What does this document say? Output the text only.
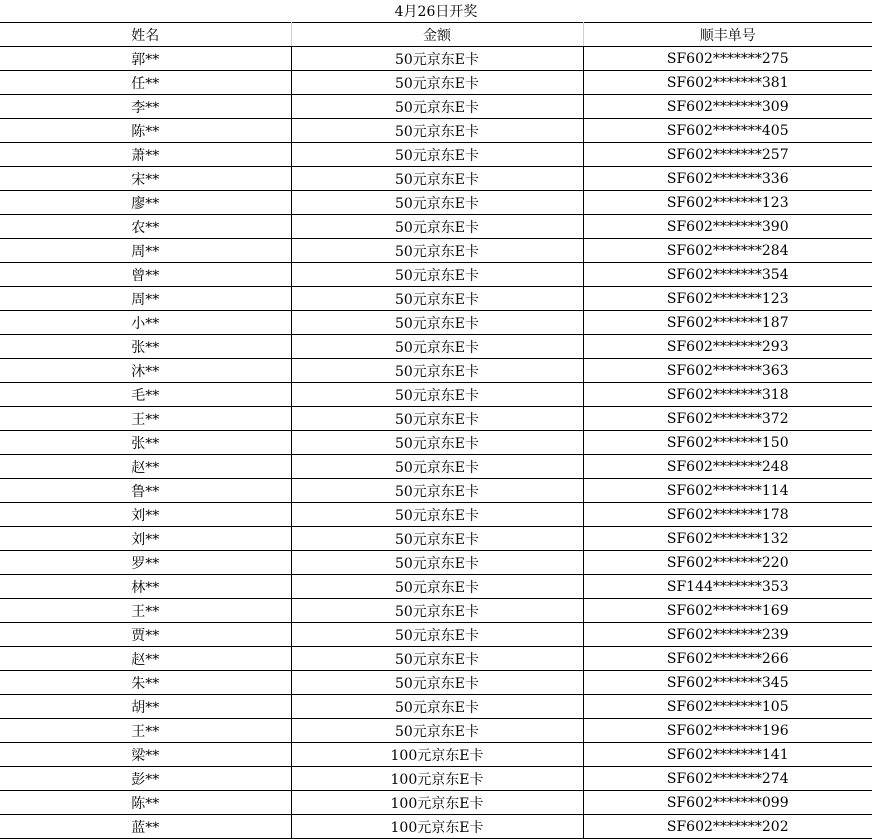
4月26日开奖
姓名	金额	顺丰单号
郭**	50元京东E卡	SF602*******275
任**	50元京东E卡	SF602*******381
李**	50元京东E卡	SF602*******309
陈**	50元京东E卡	SF602*******405
萧**	50元京东E卡	SF602*******257
宋**	50元京东E卡	SF602*******336
廖**	50元京东E卡	SF602*******123
农**	50元京东E卡	SF602*******390
周**	50元京东E卡	SF602*******284
曾**	50元京东E卡	SF602*******354
周**	50元京东E卡	SF602*******123
小**	50元京东E卡	SF602*******187
张**	50元京东E卡	SF602*******293
沐**	50元京东E卡	SF602*******363
毛**	50元京东E卡	SF602*******318
王**	50元京东E卡	SF602*******372
张**	50元京东E卡	SF602*******150
赵**	50元京东E卡	SF602*******248
鲁**	50元京东E卡	SF602*******114
刘**	50元京东E卡	SF602*******178
刘**	50元京东E卡	SF602*******132
罗**	50元京东E卡	SF602*******220
林**	50元京东E卡	SF144*******353
王**	50元京东E卡	SF602*******169
贾**	50元京东E卡	SF602*******239
赵**	50元京东E卡	SF602*******266
朱**	50元京东E卡	SF602*******345
胡**	50元京东E卡	SF602*******105
王**	50元京东E卡	SF602*******196
梁**	100元京东E卡	SF602*******141
彭**	100元京东E卡	SF602*******274
陈**	100元京东E卡	SF602*******099
蓝**	100元京东E卡	SF602*******202
